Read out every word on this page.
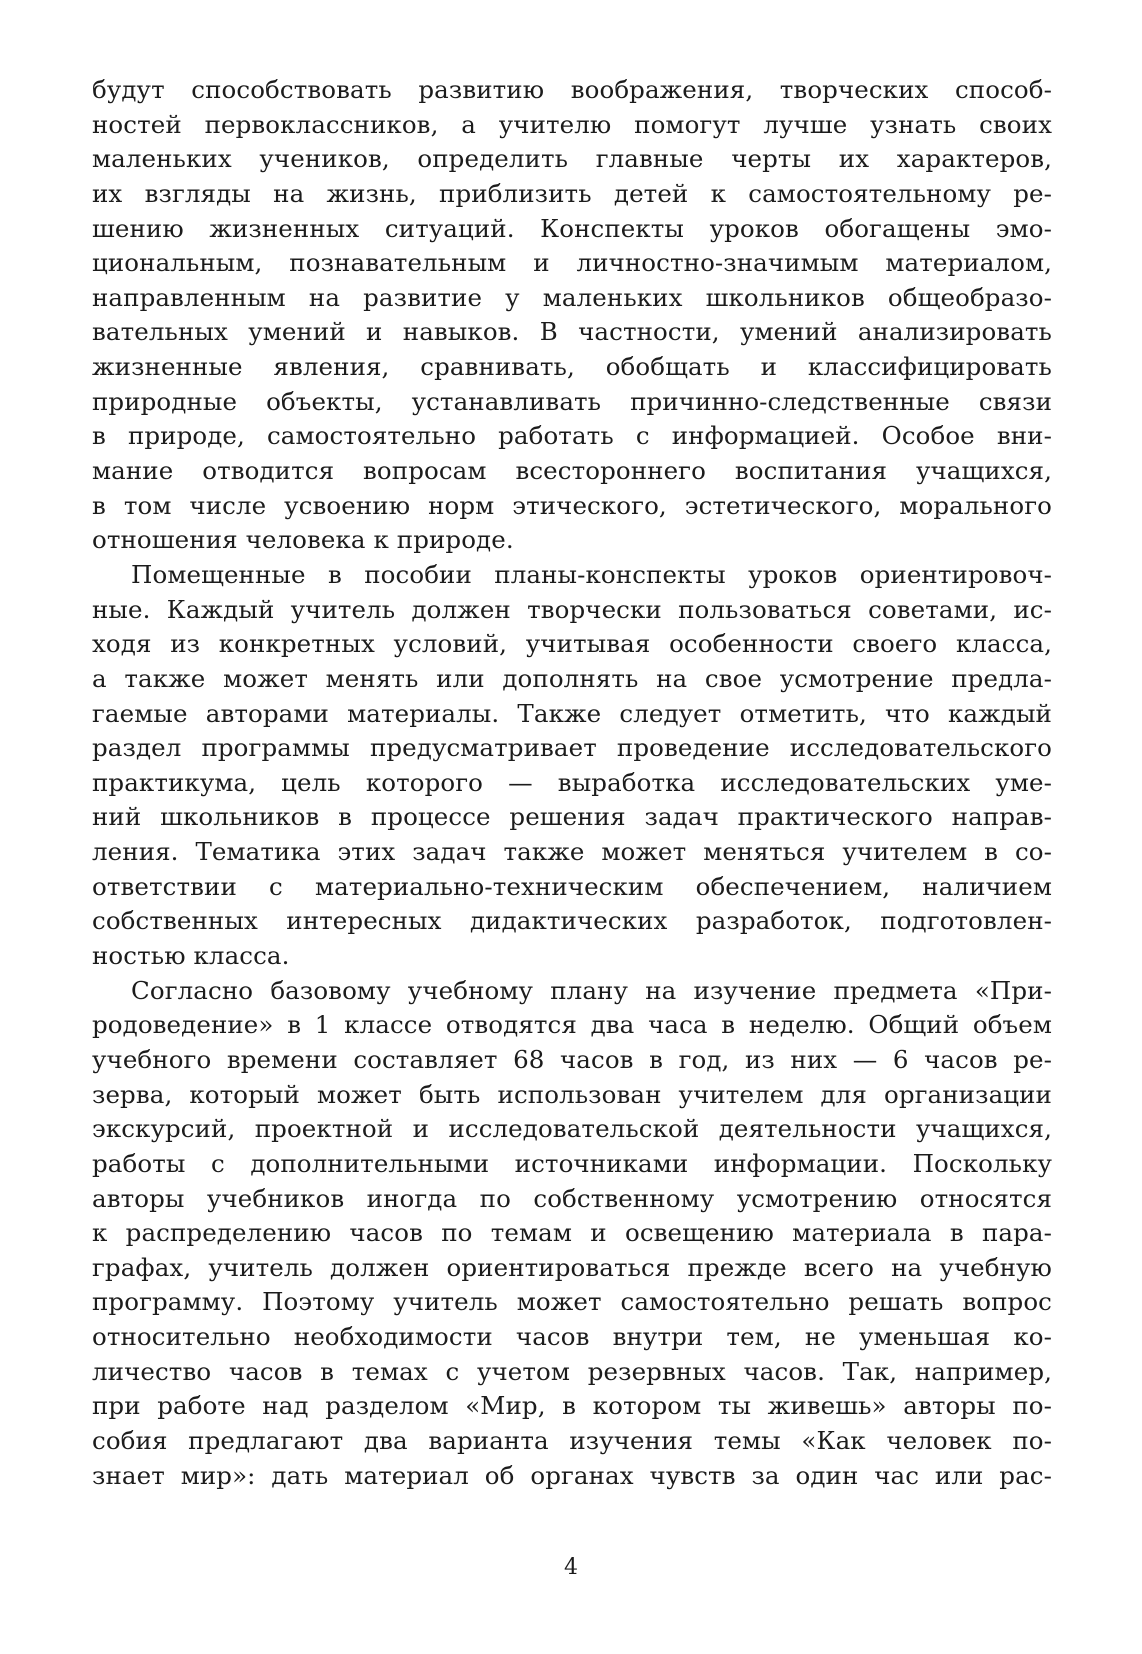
будут способствовать развитию воображения, творческих способ-
ностей первоклассников, а учителю помогут лучше узнать своих
маленьких учеников, определить главные черты их характеров,
их взгляды на жизнь, приблизить детей к самостоятельному ре-
шению жизненных ситуаций. Конспекты уроков обогащены эмо-
циональным, познавательным и личностно-значимым материалом,
направленным на развитие у маленьких школьников общеобразо-
вательных умений и навыков. В частности, умений анализировать
жизненные явления, сравнивать, обобщать и классифицировать
природные объекты, устанавливать причинно-следственные связи
в природе, самостоятельно работать с информацией. Особое вни-
мание отводится вопросам всестороннего воспитания учащихся,
в том числе усвоению норм этического, эстетического, морального
отношения человека к природе.
Помещенные в пособии планы-конспекты уроков ориентировоч-
ные. Каждый учитель должен творчески пользоваться советами, ис-
ходя из конкретных условий, учитывая особенности своего класса,
а также может менять или дополнять на свое усмотрение предла-
гаемые авторами материалы. Также следует отметить, что каждый
раздел программы предусматривает проведение исследовательского
практикума, цель которого — выработка исследовательских уме-
ний школьников в процессе решения задач практического направ-
ления. Тематика этих задач также может меняться учителем в со-
ответствии с материально-техническим обеспечением, наличием
собственных интересных дидактических разработок, подготовлен-
ностью класса.
Согласно базовому учебному плану на изучение предмета «При-
родоведение» в 1 классе отводятся два часа в неделю. Общий объем
учебного времени составляет 68 часов в год, из них — 6 часов ре-
зерва, который может быть использован учителем для организации
экскурсий, проектной и исследовательской деятельности учащихся,
работы с дополнительными источниками информации. Поскольку
авторы учебников иногда по собственному усмотрению относятся
к распределению часов по темам и освещению материала в пара-
графах, учитель должен ориентироваться прежде всего на учебную
программу. Поэтому учитель может самостоятельно решать вопрос
относительно необходимости часов внутри тем, не уменьшая ко-
личество часов в темах с учетом резервных часов. Так, например,
при работе над разделом «Мир, в котором ты живешь» авторы по-
собия предлагают два варианта изучения темы «Как человек по-
знает мир»: дать материал об органах чувств за один час или рас-
4
